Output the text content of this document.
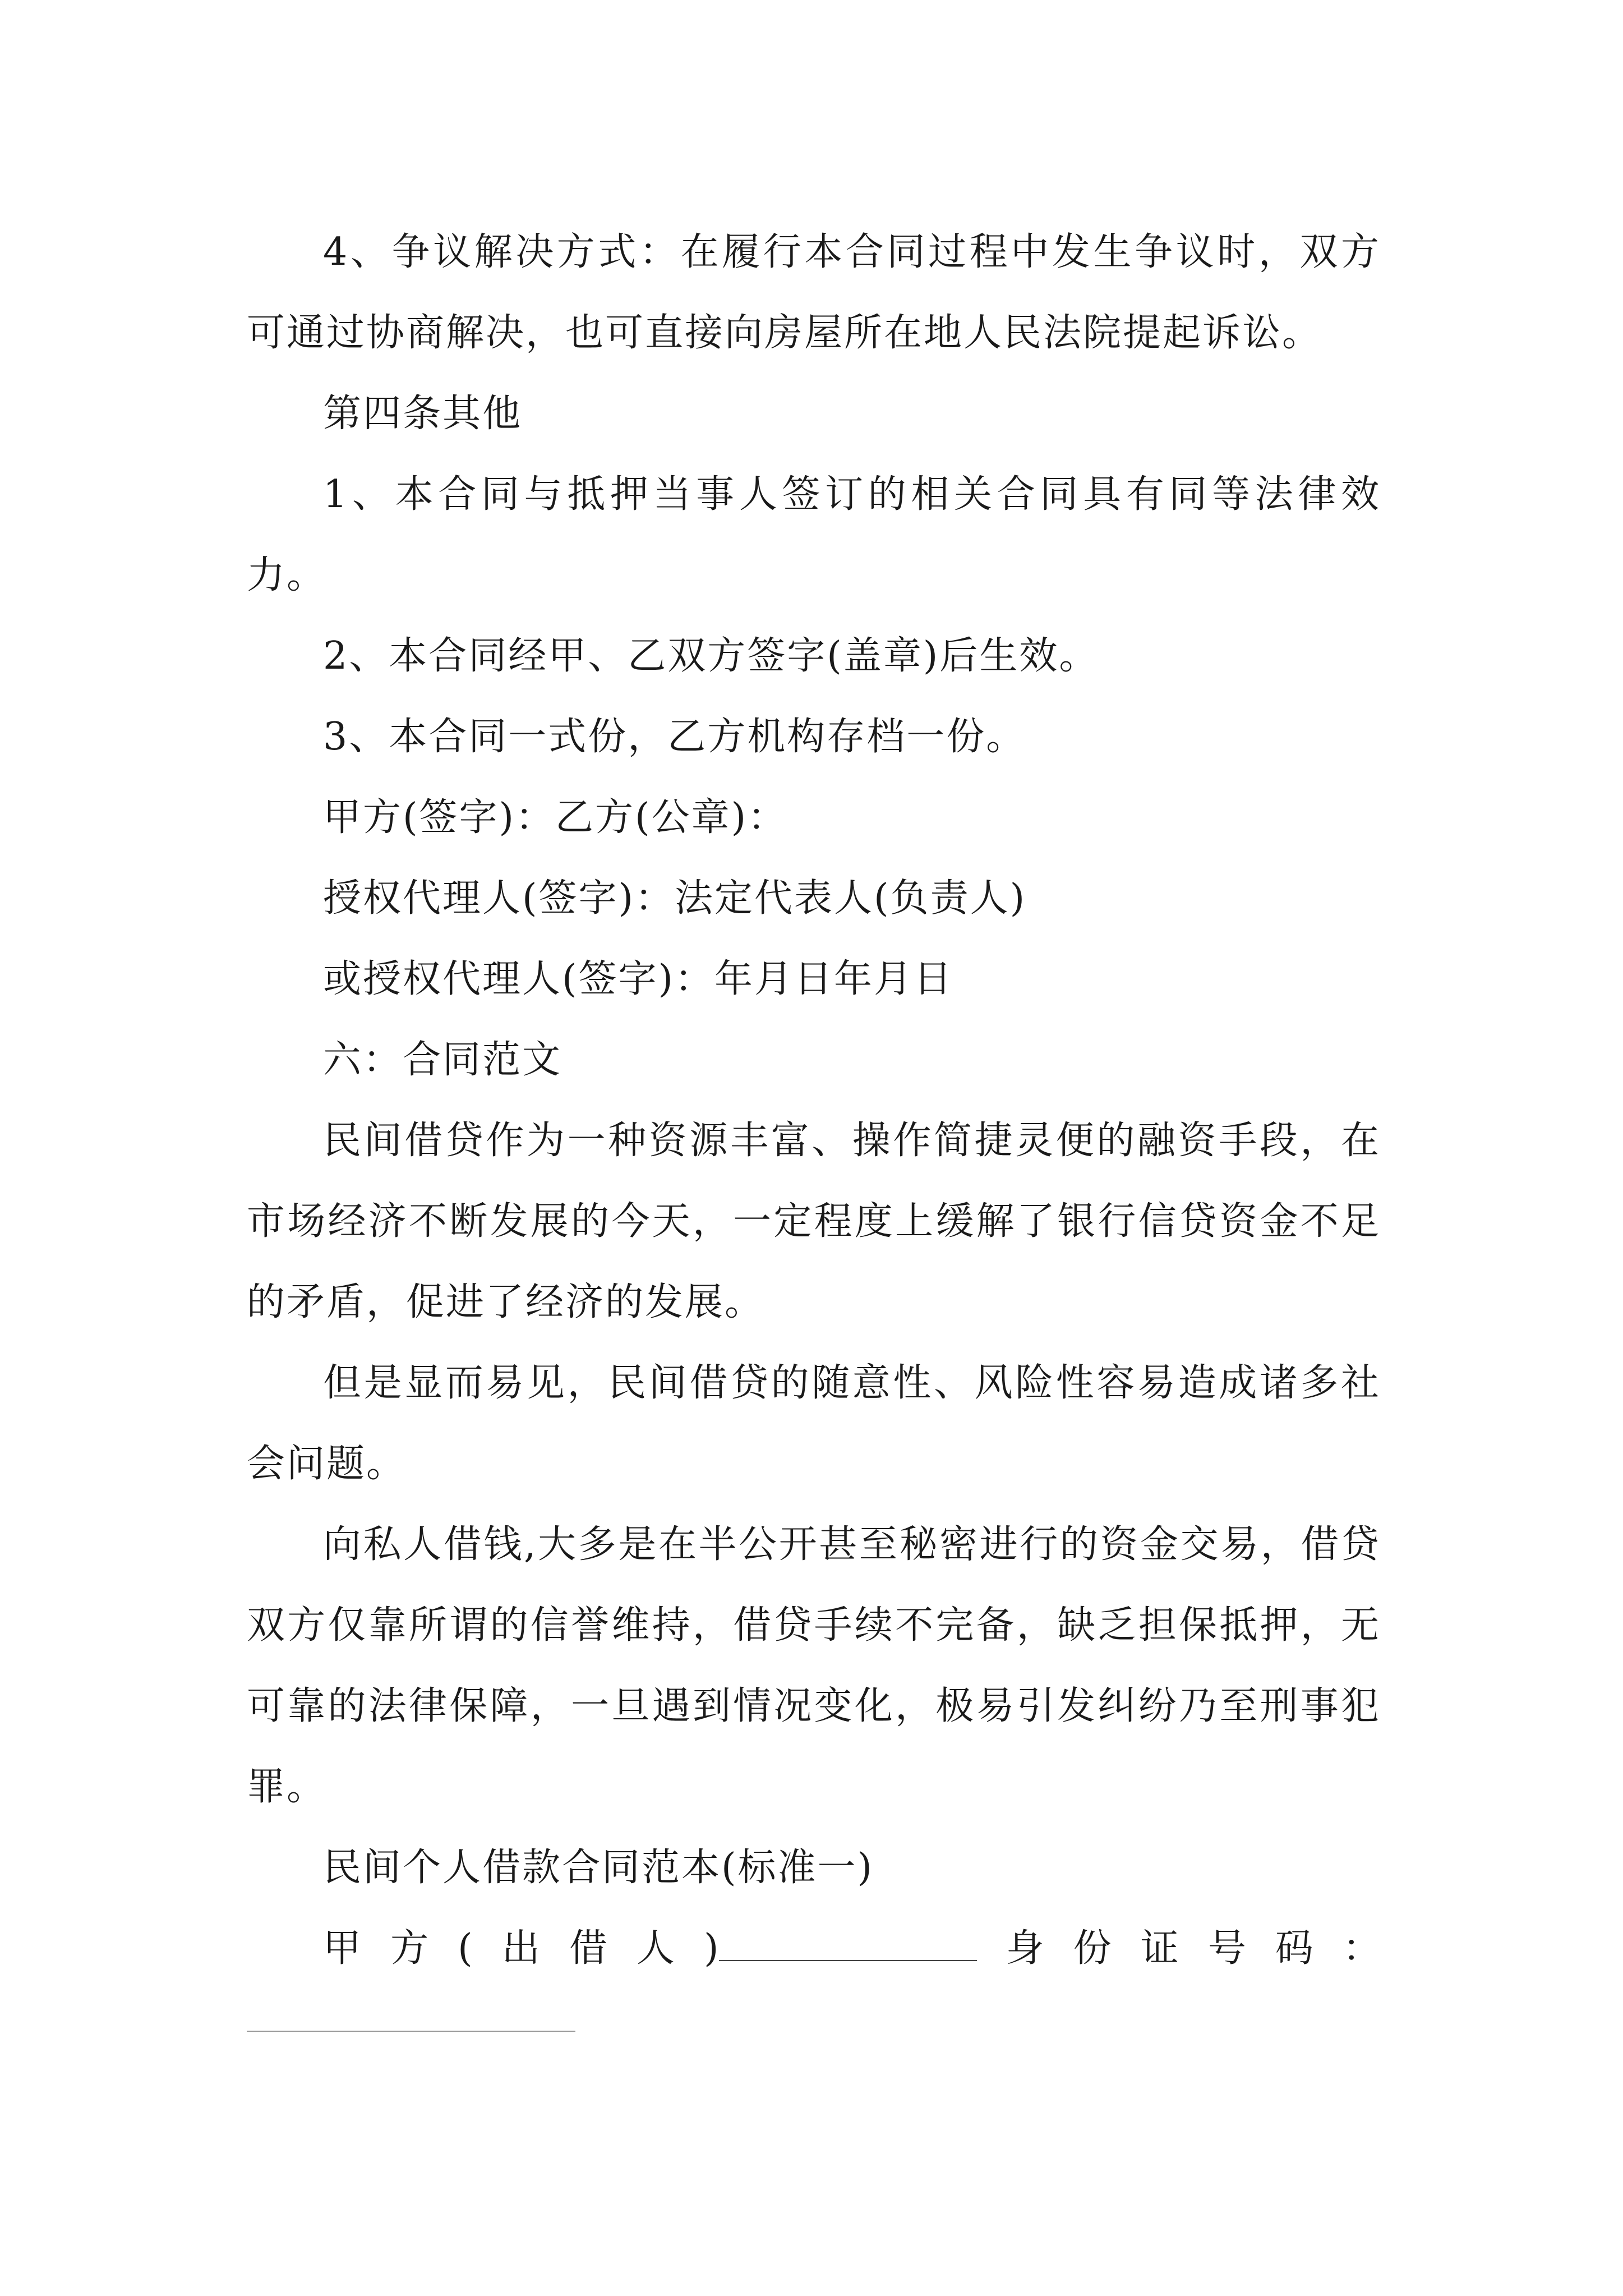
4、争议解决方式：在履行本合同过程中发生争议时，双方可通过协商解决，也可直接向房屋所在地人民法院提起诉讼。

第四条其他

1、本合同与抵押当事人签订的相关合同具有同等法律效力。

2、本合同经甲、乙双方签字(盖章)后生效。

3、本合同一式份，乙方机构存档一份。

甲方(签字)：乙方(公章)：

授权代理人(签字)：法定代表人(负责人)

或授权代理人(签字)：年月日年月日

六：合同范文

民间借贷作为一种资源丰富、操作简捷灵便的融资手段，在市场经济不断发展的今天，一定程度上缓解了银行信贷资金不足的矛盾，促进了经济的发展。

但是显而易见，民间借贷的随意性、风险性容易造成诸多社会问题。

向私人借钱,大多是在半公开甚至秘密进行的资金交易，借贷双方仅靠所谓的信誉维持，借贷手续不完备，缺乏担保抵押，无可靠的法律保障，一旦遇到情况变化，极易引发纠纷乃至刑事犯罪。

民间个人借款合同范本(标准一)

甲方(出借人)	身份证号码：
